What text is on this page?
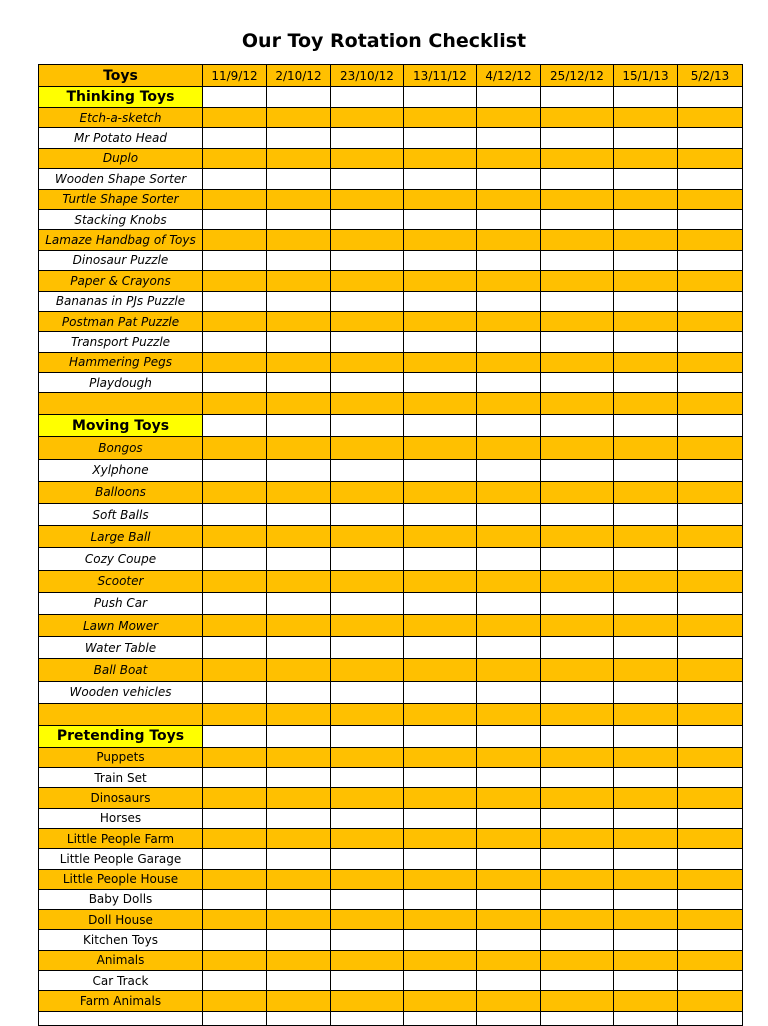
Our Toy Rotation Checklist
Toys	11/9/12	2/10/12	23/10/12	13/11/12	4/12/12	25/12/12	15/1/13	5/2/13
Thinking Toys								
Etch-a-sketch								
Mr Potato Head								
Duplo								
Wooden Shape Sorter								
Turtle Shape Sorter								
Stacking Knobs								
Lamaze Handbag of Toys								
Dinosaur Puzzle								
Paper & Crayons								
Bananas in PJs Puzzle								
Postman Pat Puzzle								
Transport Puzzle								
Hammering Pegs								
Playdough								

Moving Toys								
Bongos								
Xylphone								
Balloons								
Soft Balls								
Large Ball								
Cozy Coupe								
Scooter								
Push Car								
Lawn Mower								
Water Table								
Ball Boat								
Wooden vehicles								

Pretending Toys								
Puppets								
Train Set								
Dinosaurs								
Horses								
Little People Farm								
Little People Garage								
Little People House								
Baby Dolls								
Doll House								
Kitchen Toys								
Animals								
Car Track								
Farm Animals								
